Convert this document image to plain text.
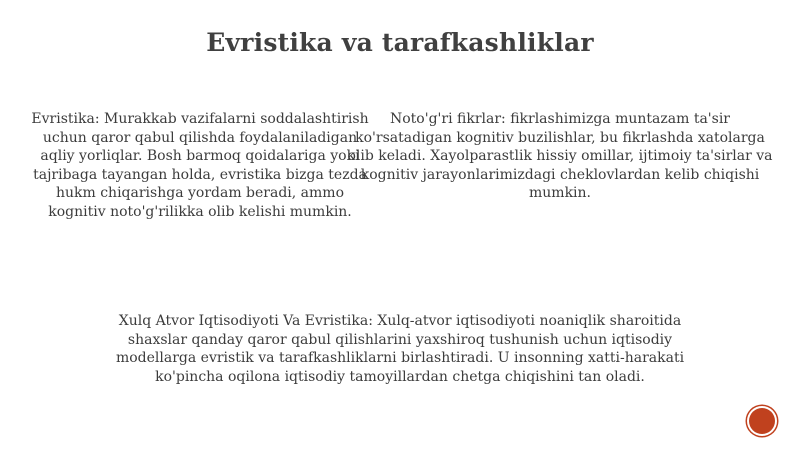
Evristika va tarafkashliklar
Evristika: Murakkab vazifalarni soddalashtirish uchun qaror qabul qilishda foydalaniladigan aqliy yorliqlar. Bosh barmoq qoidalariga yoki tajribaga tayangan holda, evristika bizga tezda hukm chiqarishga yordam beradi, ammo kognitiv noto'g'rilikka olib kelishi mumkin.
Noto'g'ri fikrlar: fikrlashimizga muntazam ta'sir ko'rsatadigan kognitiv buzilishlar, bu fikrlashda xatolarga olib keladi. Xayolparastlik hissiy omillar, ijtimoiy ta'sirlar va kognitiv jarayonlarimizdagi cheklovlardan kelib chiqishi mumkin.
Xulq Atvor Iqtisodiyoti Va Evristika: Xulq-atvor iqtisodiyoti noaniqlik sharoitida shaxslar qanday qaror qabul qilishlarini yaxshiroq tushunish uchun iqtisodiy modellarga evristik va tarafkashliklarni birlashtiradi. U insonning xatti-harakati ko'pincha oqilona iqtisodiy tamoyillardan chetga chiqishini tan oladi.
